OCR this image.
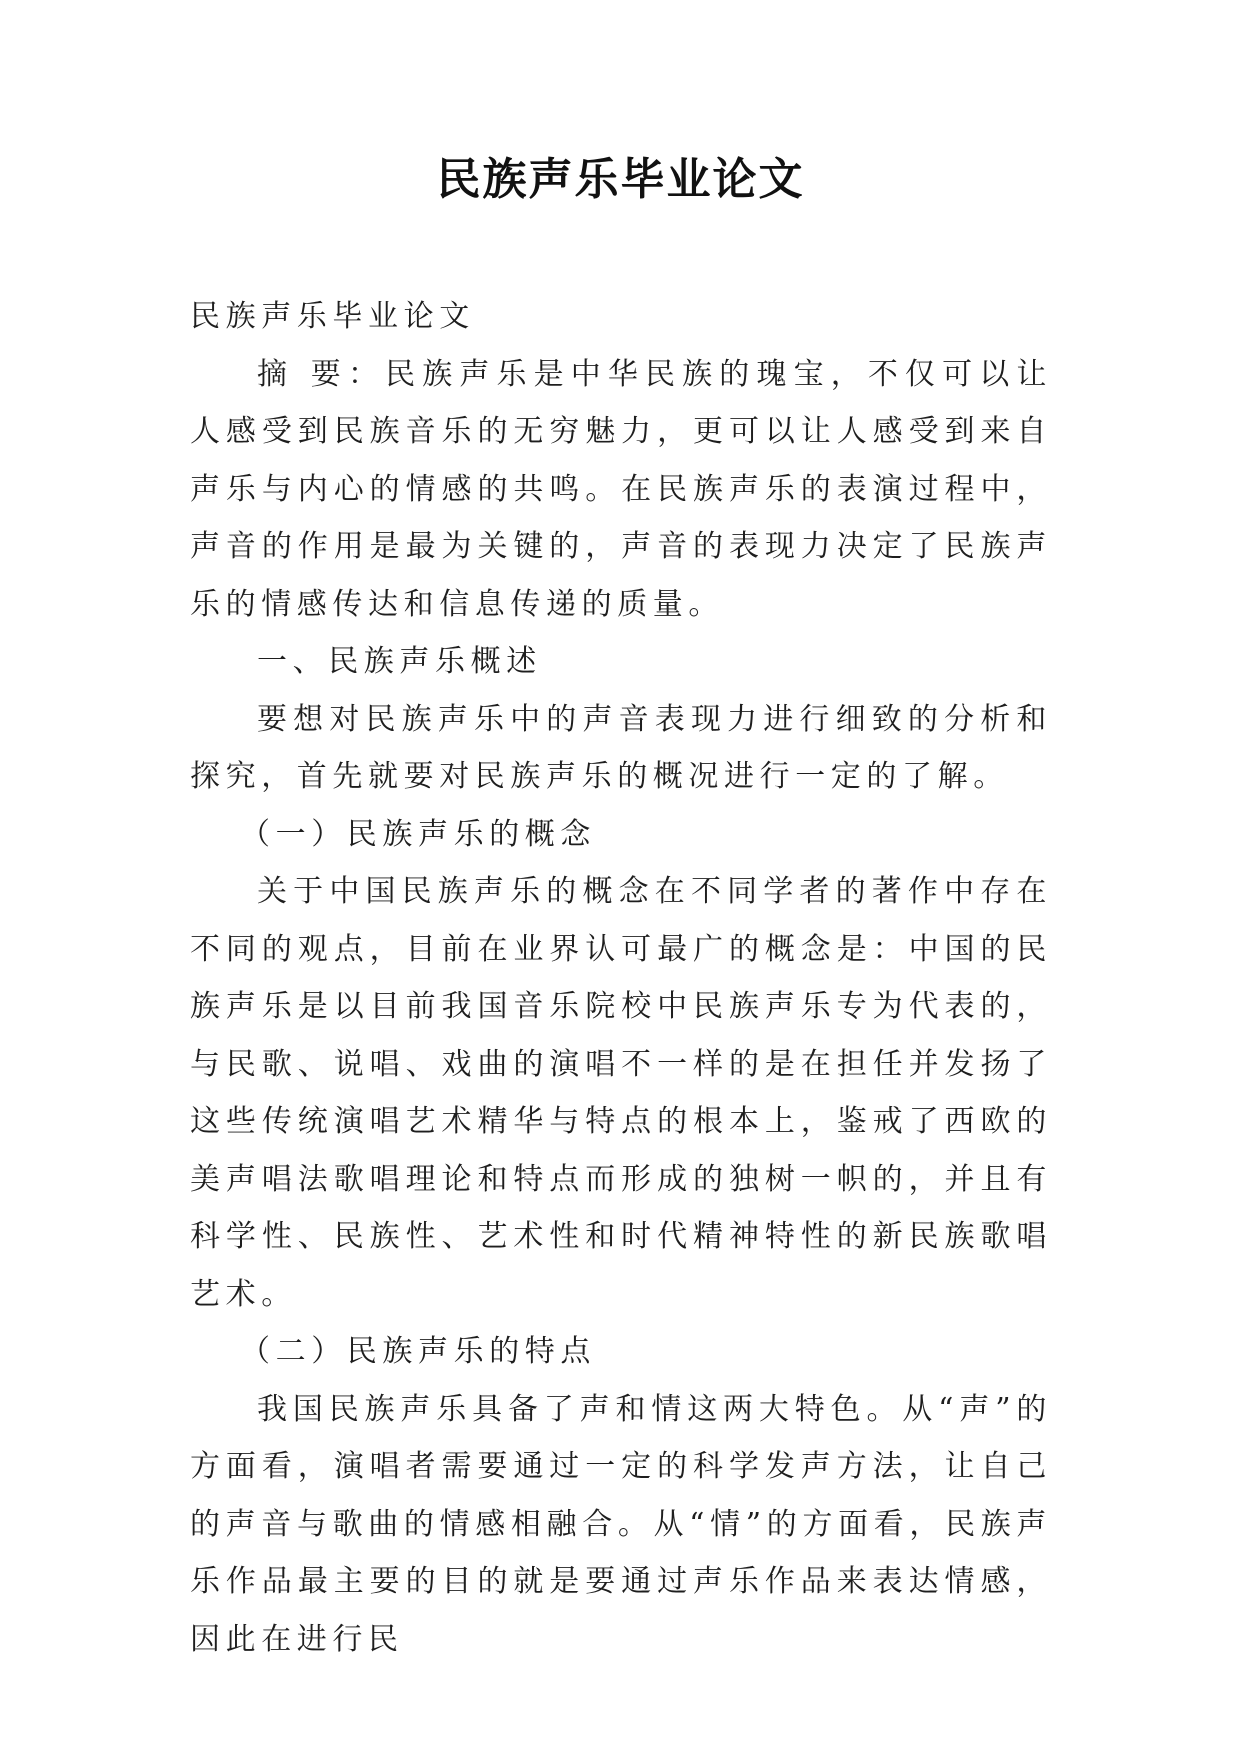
民族声乐毕业论文

民族声乐毕业论文

摘 要：民族声乐是中华民族的瑰宝，不仅可以让人感受到民族音乐的无穷魅力，更可以让人感受到来自声乐与内心的情感的共鸣。在民族声乐的表演过程中，声音的作用是最为关键的，声音的表现力决定了民族声乐的情感传达和信息传递的质量。

一、民族声乐概述

要想对民族声乐中的声音表现力进行细致的分析和探究，首先就要对民族声乐的概况进行一定的了解。

（一）民族声乐的概念

关于中国民族声乐的概念在不同学者的著作中存在不同的观点，目前在业界认可最广的概念是：中国的民族声乐是以目前我国音乐院校中民族声乐专为代表的，与民歌、说唱、戏曲的演唱不一样的是在担任并发扬了这些传统演唱艺术精华与特点的根本上，鉴戒了西欧的美声唱法歌唱理论和特点而形成的独树一帜的，并且有科学性、民族性、艺术性和时代精神特性的新民族歌唱艺术。

（二）民族声乐的特点

我国民族声乐具备了声和情这两大特色。从“声”的方面看，演唱者需要通过一定的科学发声方法，让自己的声音与歌曲的情感相融合。从“情”的方面看，民族声乐作品最主要的目的就是要通过声乐作品来表达情感，因此在进行民
